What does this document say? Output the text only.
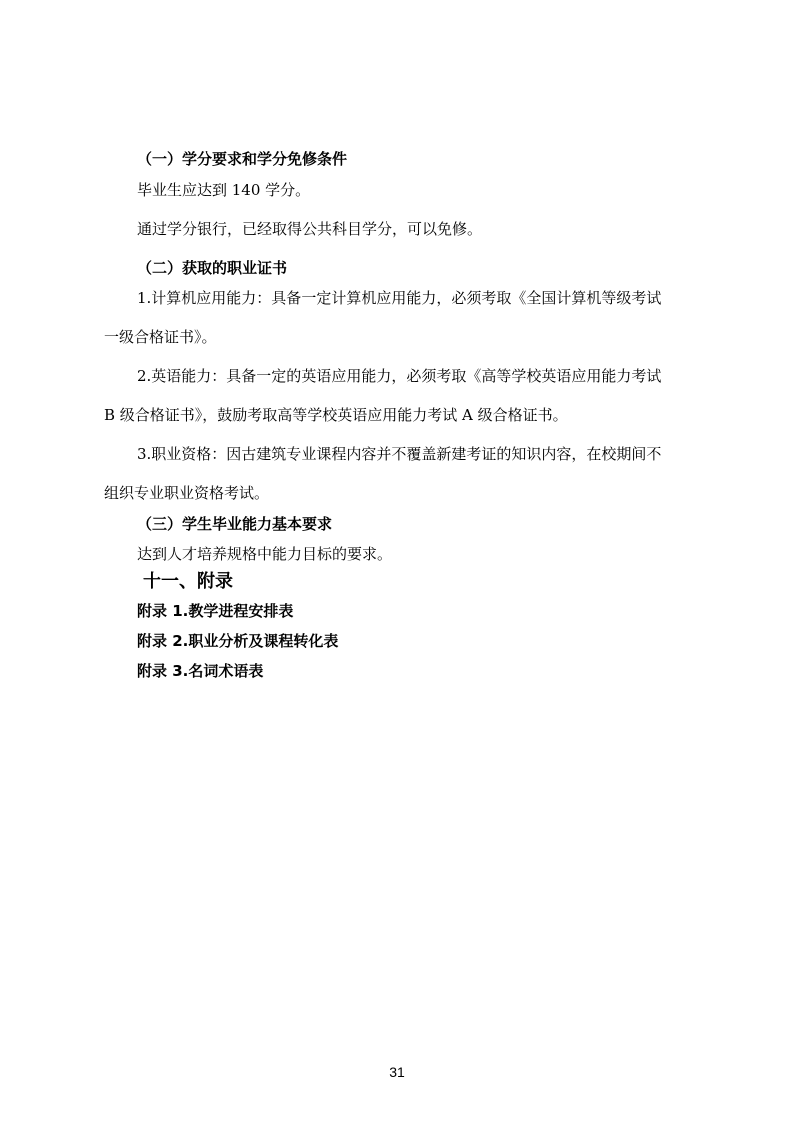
（一）学分要求和学分免修条件
毕业生应达到 140 学分。
通过学分银行，已经取得公共科目学分，可以免修。
（二）获取的职业证书
1.计算机应用能力：具备一定计算机应用能力，必须考取《全国计算机等级考试
一级合格证书》。
2.英语能力：具备一定的英语应用能力，必须考取《高等学校英语应用能力考试
B 级合格证书》，鼓励考取高等学校英语应用能力考试 A 级合格证书。
3.职业资格：因古建筑专业课程内容并不覆盖新建考证的知识内容，在校期间不
组织专业职业资格考试。
（三）学生毕业能力基本要求
达到人才培养规格中能力目标的要求。
十一、附录
附录 1.教学进程安排表
附录 2.职业分析及课程转化表
附录 3.名词术语表
31
